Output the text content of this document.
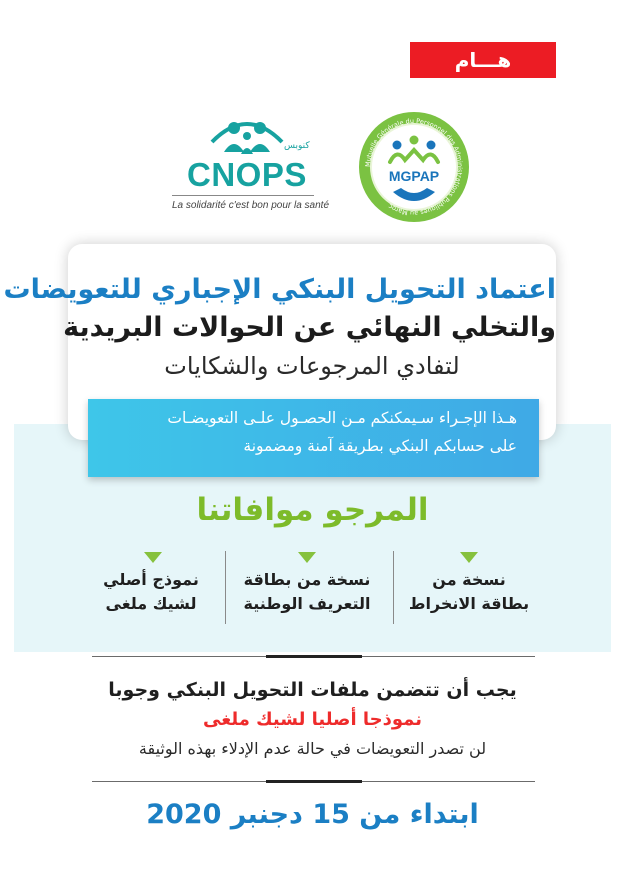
هـــام
كنوبس
CNOPS
La solidarité c'est bon pour la santé
Mutuelle Générale du Personnel des Administrations Publiques au Maroc
MGPAP
اعتماد التحويل البنكي الإجباري للتعويضات
والتخلي النهائي عن الحوالات البريدية
لتفادي المرجوعات والشكايات
هـذا الإجـراء سـيمكنكم مـن الحصـول علـى التعويضـات
على حسابكم البنكي بطريقة آمنة ومضمونة
المرجو موافاتنا
نسخة من
بطاقة الانخراط
نسخة من بطاقة
التعريف الوطنية
نموذج أصلي
لشيك ملغى
يجب أن تتضمن ملفات التحويل البنكي وجوبا
نموذجا أصليا لشيك ملغى
لن تصدر التعويضات في حالة عدم الإدلاء بهذه الوثيقة
ابتداء من 15 دجنبر 2020
